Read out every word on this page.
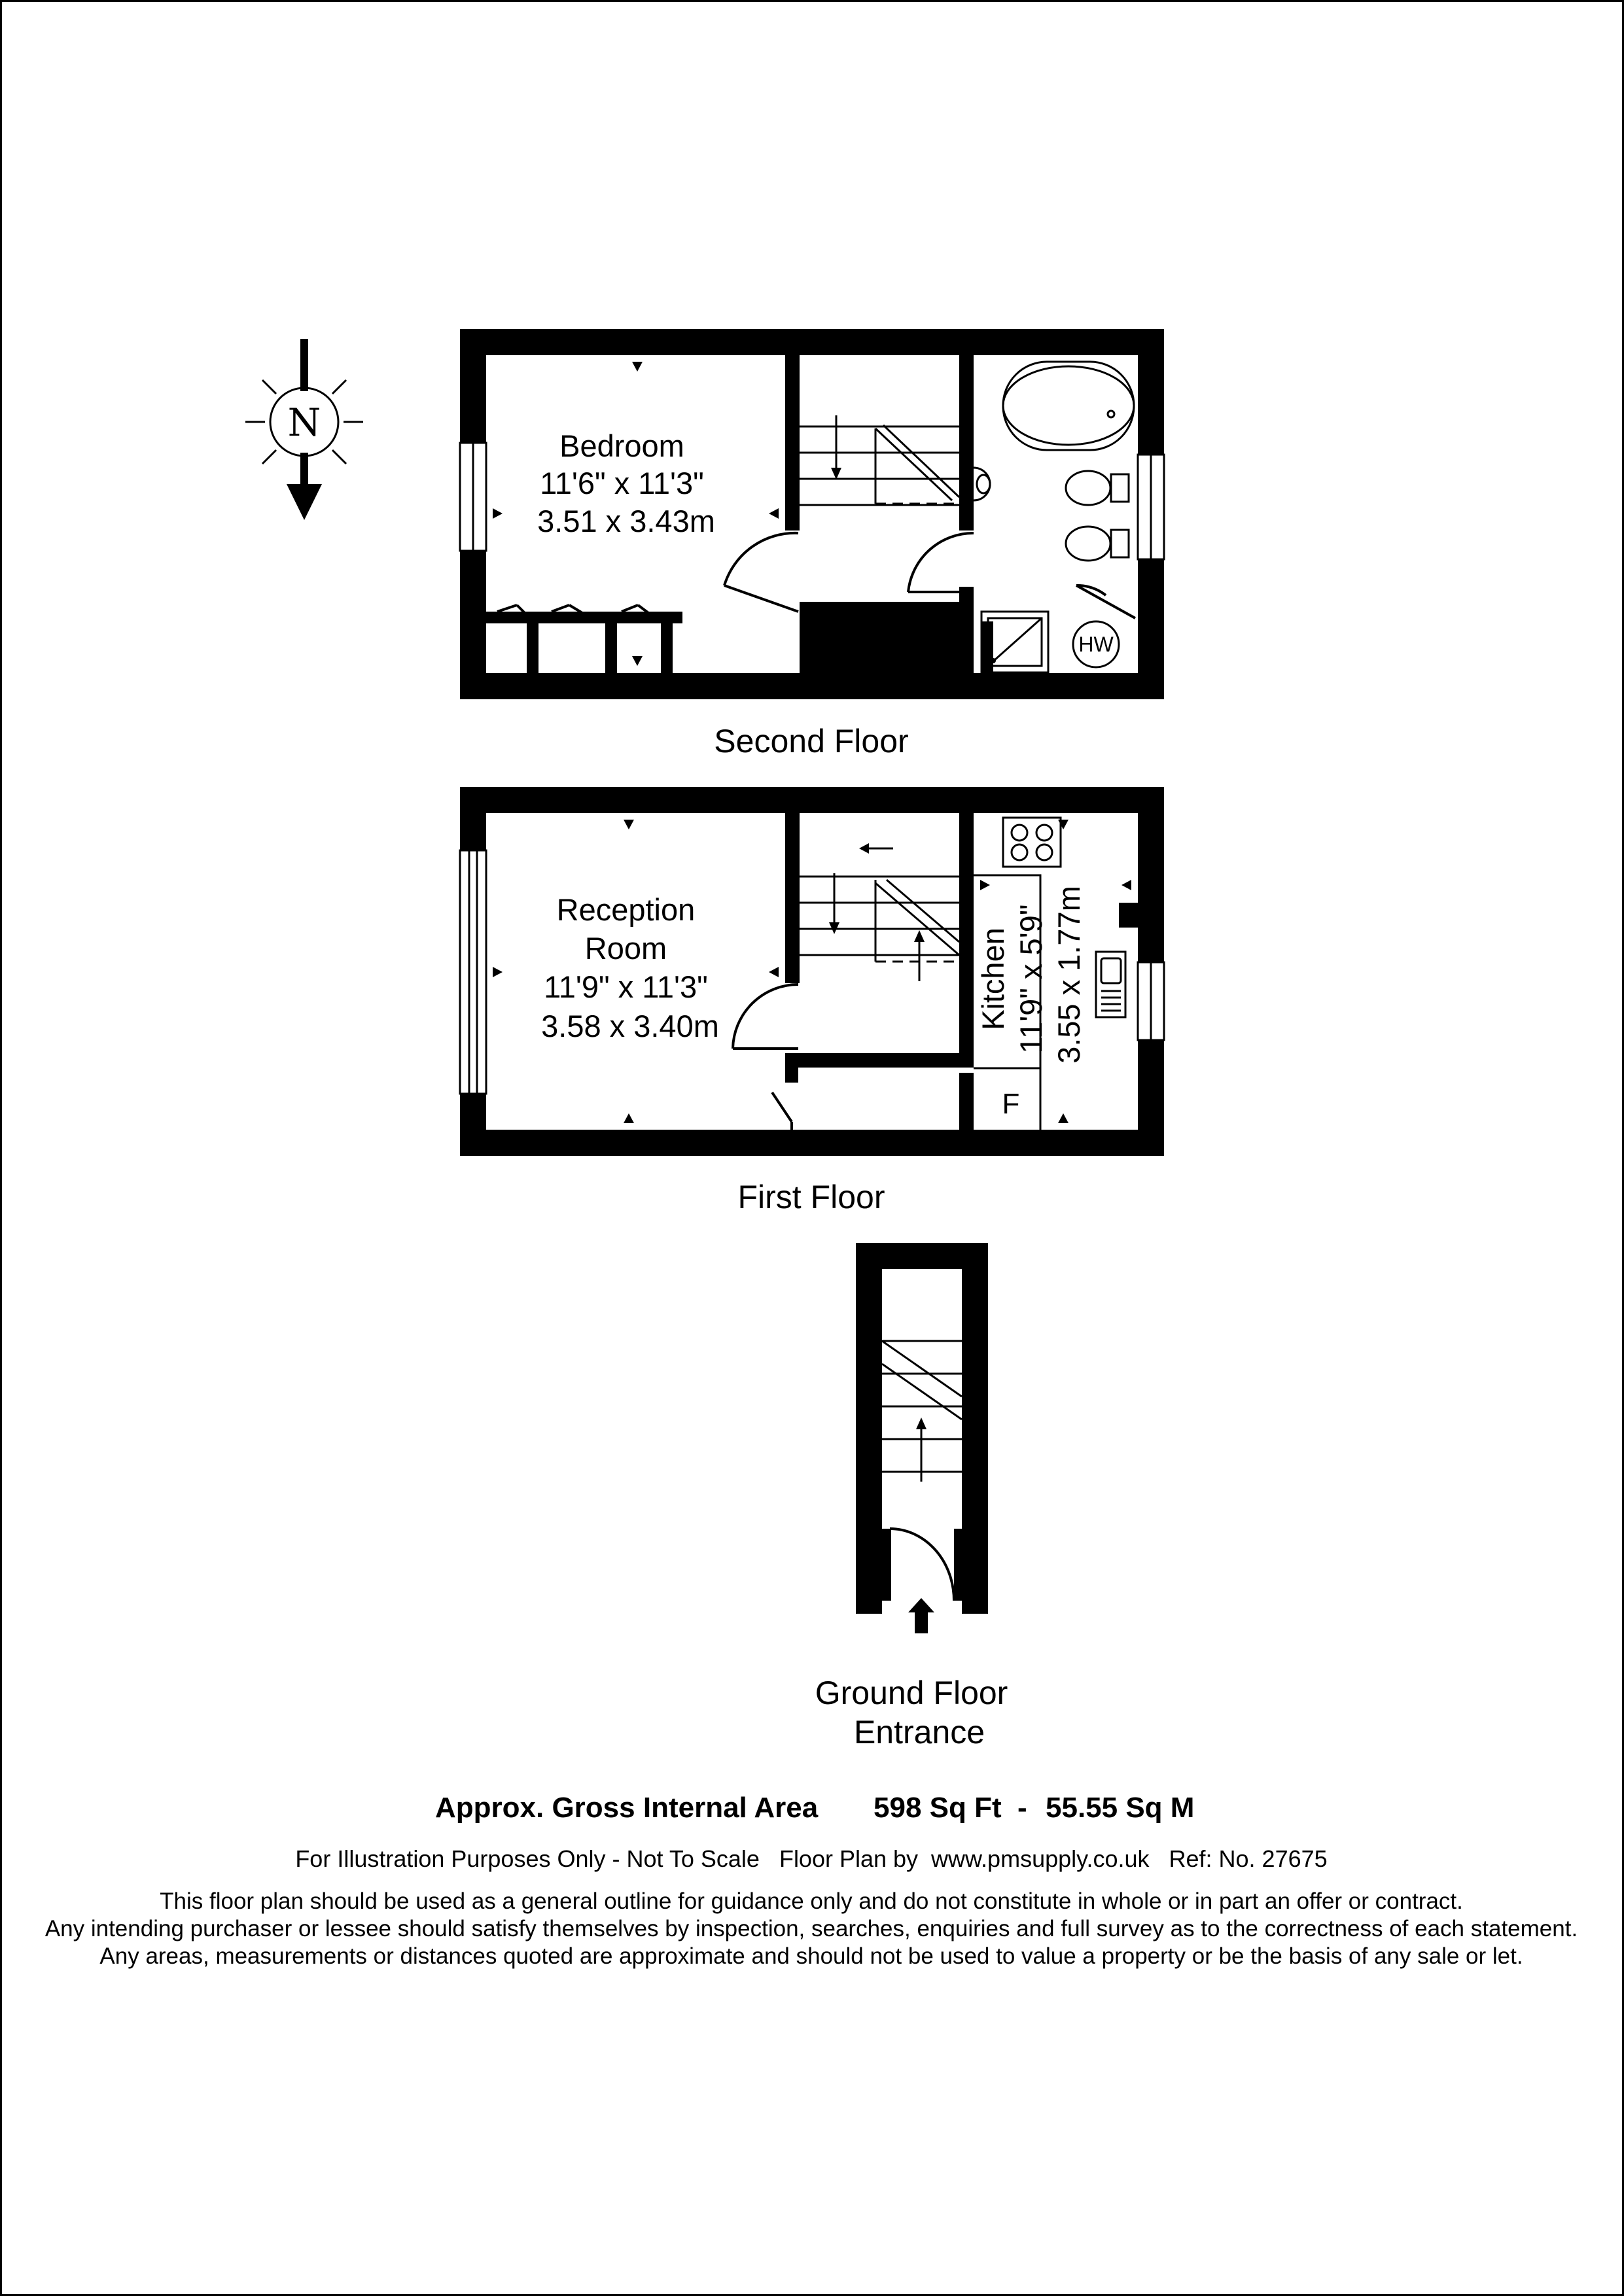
N
HW
Bedroom 11'6" x 11'3" 3.51 x 3.43m
Second Floor
F
Reception Room 11'9" x 11'3" 3.58 x 3.40m	Kitchen 11'9" x 5'9" 3.55 x 1.77m
First Floor
Ground Floor Entrance
Approx. Gross Internal Area 598 Sq Ft - 55.55 Sq M
For Illustration Purposes Only - Not To Scale   Floor Plan by  www.pmsupply.co.uk   Ref: No. 27675
This floor plan should be used as a general outline for guidance only and do not constitute in whole or in part an offer or contract.
Any intending purchaser or lessee should satisfy themselves by inspection, searches, enquiries and full survey as to the correctness of each statement.
Any areas, measurements or distances quoted are approximate and should not be used to value a property or be the basis of any sale or let.
